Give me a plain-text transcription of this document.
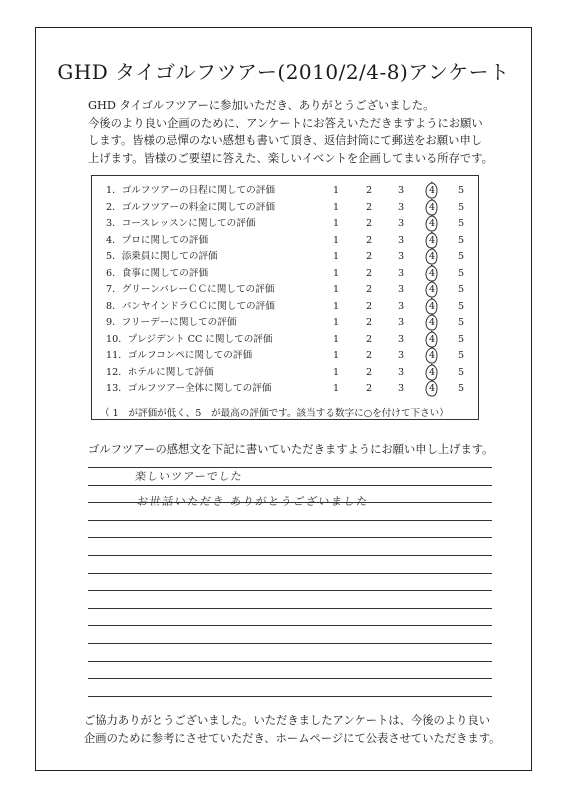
GHD タイゴルフツアー(2010/2/4-8)アンケート
GHD タイゴルフツアーに参加いただき、ありがとうございました。
今後のより良い企画のために、アンケートにお答えいただきますようにお願い
します。皆様の忌憚のない感想も書いて頂き、返信封筒にて郵送をお願い申し
上げます。皆様のご要望に答えた、楽しいイベントを企画してまいる所存です。
1．ゴルフツアーの日程に関しての評価	1	2	3	4	5
2．ゴルフツアーの料金に関しての評価	1	2	3	4	5
3．コースレッスンに関しての評価	1	2	3	4	5
4．プロに関しての評価	1	2	3	4	5
5．添乗員に関しての評価	1	2	3	4	5
6．食事に関しての評価	1	2	3	4	5
7．グリーンバレーＣＣに関しての評価	1	2	3	4	5
8．パンヤインドラＣＣに関しての評価	1	2	3	4	5
9．フリーデーに関しての評価	1	2	3	4	5
10．プレジデント CC に関しての評価	1	2	3	4	5
11．ゴルフコンペに関しての評価	1	2	3	4	5
12．ホテルに関して評価	1	2	3	4	5
13．ゴルフツアー全体に関しての評価	1	2	3	4	5
（ 1　が評価が低く、5　が最高の評価です。該当する数字に○を付けて下さい）
ゴルフツアーの感想文を下記に書いていただきますようにお願い申し上げます。
楽しいツアーでした
お世話いただき ありがとうございました
ご協力ありがとうございました。いただきましたアンケートは、今後のより良い
企画のために参考にさせていただき、ホームページにて公表させていただきます。
